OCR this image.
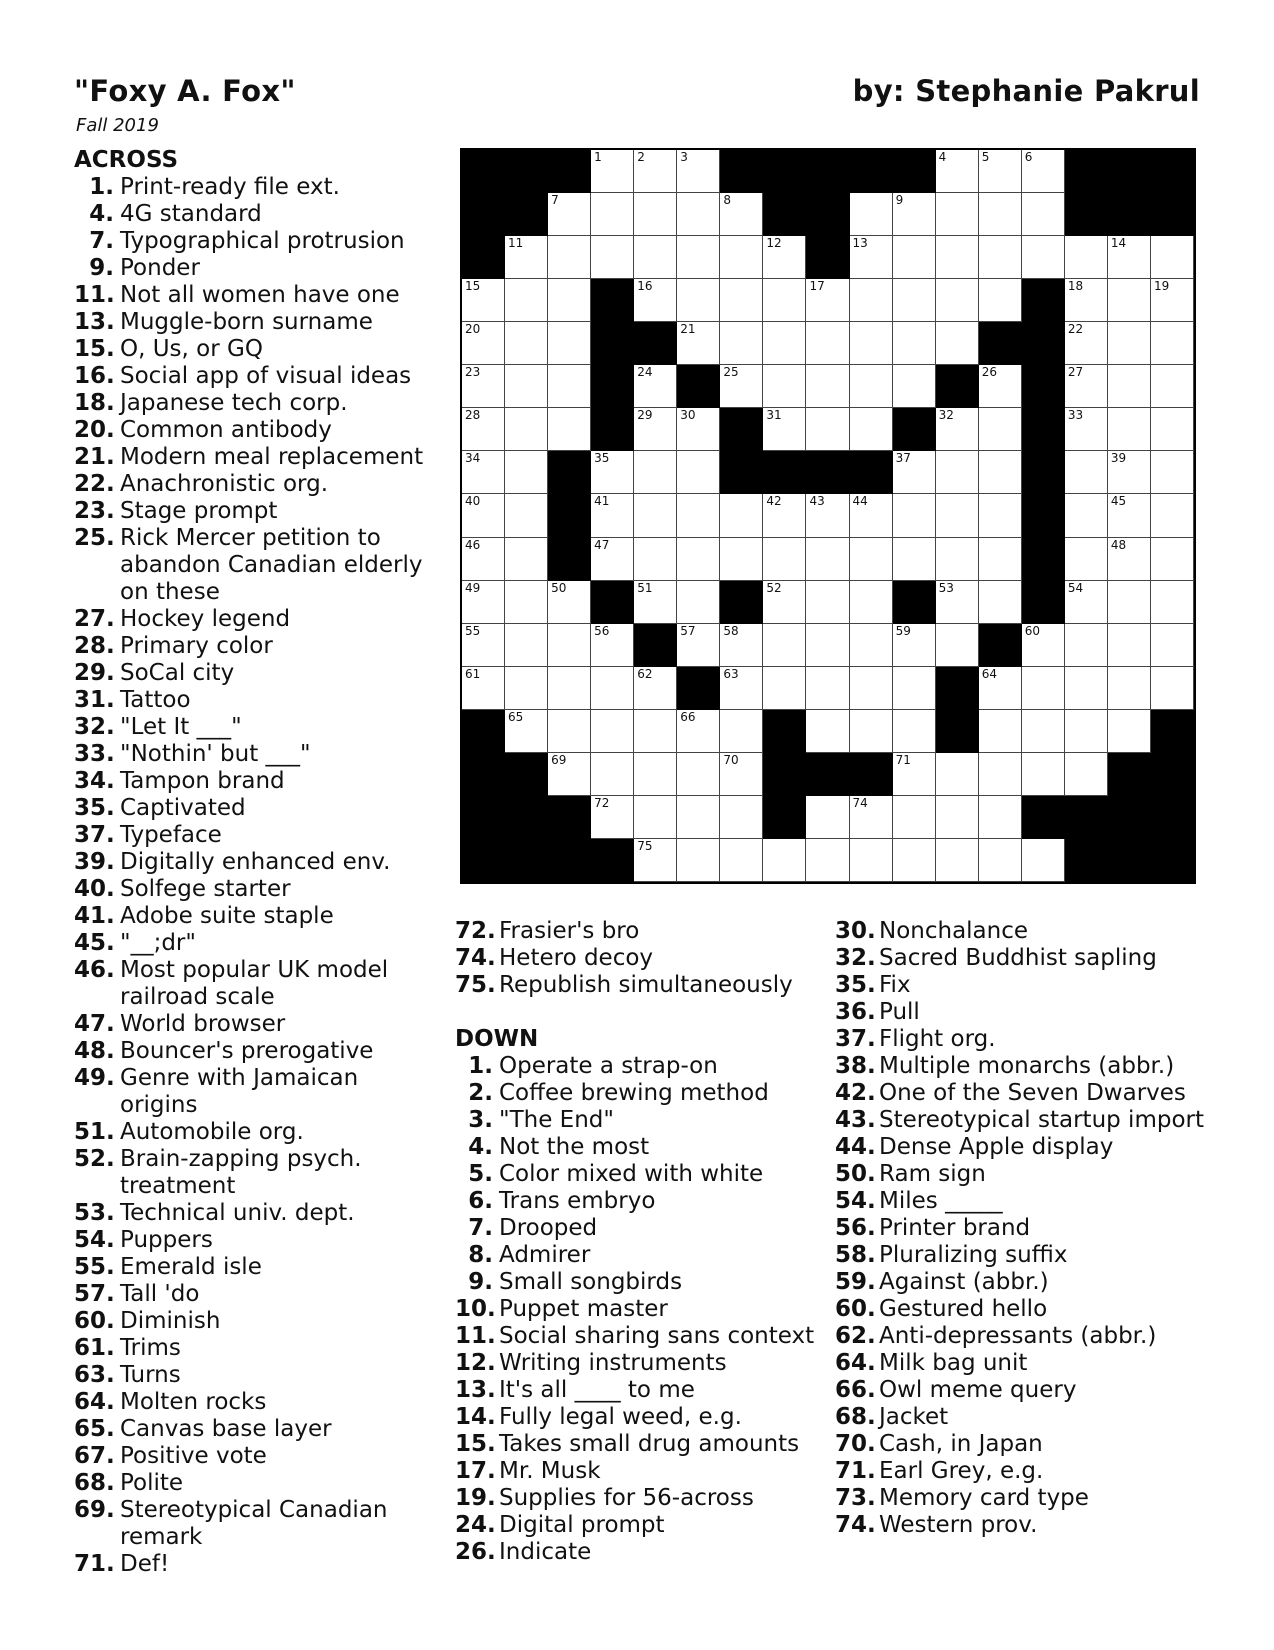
"Foxy A. Fox"	by: Stephanie Pakrul
Fall 2019
ACROSS
1. Print-ready file ext.
4. 4G standard
7. Typographical protrusion
9. Ponder
11. Not all women have one
13. Muggle-born surname
15. O, Us, or GQ
16. Social app of visual ideas
18. Japanese tech corp.
20. Common antibody
21. Modern meal replacement
22. Anachronistic org.
23. Stage prompt
25. Rick Mercer petition to abandon Canadian elderly on these
27. Hockey legend
28. Primary color
29. SoCal city
31. Tattoo
32. "Let It ___"
33. "Nothin' but ___"
34. Tampon brand
35. Captivated
37. Typeface
39. Digitally enhanced env.
40. Solfege starter
41. Adobe suite staple
45. "__;dr"
46. Most popular UK model railroad scale
47. World browser
48. Bouncer's prerogative
49. Genre with Jamaican origins
51. Automobile org.
52. Brain-zapping psych. treatment
53. Technical univ. dept.
54. Puppers
55. Emerald isle
57. Tall 'do
60. Diminish
61. Trims
63. Turns
64. Molten rocks
65. Canvas base layer
67. Positive vote
68. Polite
69. Stereotypical Canadian remark
71. Def!
72. Frasier's bro
74. Hetero decoy
75. Republish simultaneously
DOWN
1. Operate a strap-on
2. Coffee brewing method
3. "The End"
4. Not the most
5. Color mixed with white
6. Trans embryo
7. Drooped
8. Admirer
9. Small songbirds
10. Puppet master
11. Social sharing sans context
12. Writing instruments
13. It's all ____ to me
14. Fully legal weed, e.g.
15. Takes small drug amounts
17. Mr. Musk
19. Supplies for 56-across
24. Digital prompt
26. Indicate
30. Nonchalance
32. Sacred Buddhist sapling
35. Fix
36. Pull
37. Flight org.
38. Multiple monarchs (abbr.)
42. One of the Seven Dwarves
43. Stereotypical startup import
44. Dense Apple display
50. Ram sign
54. Miles _____
56. Printer brand
58. Pluralizing suffix
59. Against (abbr.)
60. Gestured hello
62. Anti-depressants (abbr.)
64. Milk bag unit
66. Owl meme query
68. Jacket
70. Cash, in Japan
71. Earl Grey, e.g.
73. Memory card type
74. Western prov.
1	2	3	4	5	6
7	8	9
11	12	13	14
15	16	17	18	19
20	21	22
23	24	25	26	27
28	29 30	31	32	33
34	35	37	39
40	41	42 43 44	45
46	47	48
49	50	51	52	53	54
55	56	57 58	59	60
61	62	63	64
65	66
69	70	71
72	74
75
